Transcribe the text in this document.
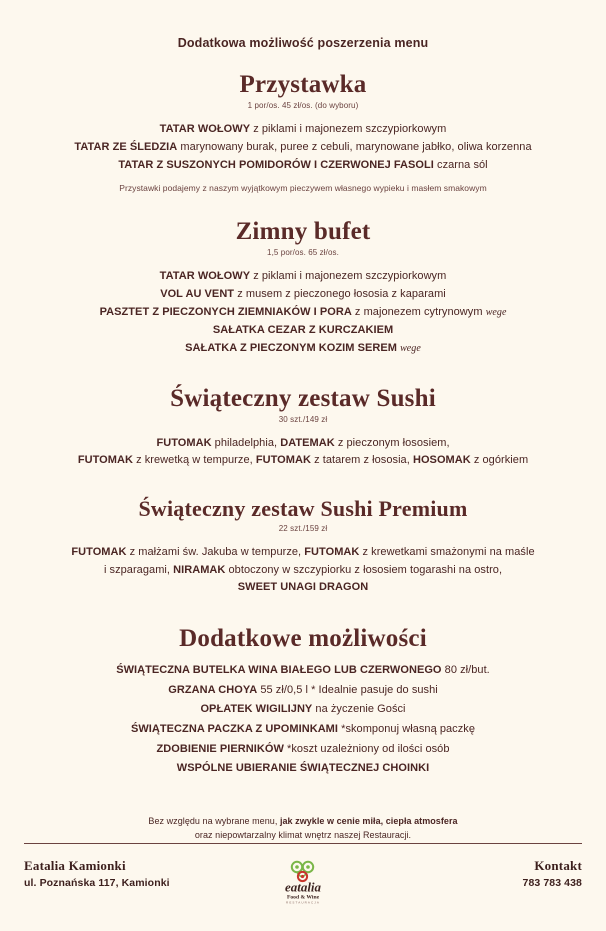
Dodatkowa możliwość poszerzenia menu
Przystawka
1 por/os. 45 zł/os. (do wyboru)
TATAR WOŁOWY z piklami i majonezem szczypiorkowym
TATAR ZE ŚLEDZIA marynowany burak, puree z cebuli, marynowane jabłko, oliwa korzenna
TATAR Z SUSZONYCH POMIDORÓW I CZERWONEJ FASOLI czarna sól
Przystawki podajemy z naszym wyjątkowym pieczywem własnego wypieku i masłem smakowym
Zimny bufet
1,5 por/os. 65 zł/os.
TATAR WOŁOWY z piklami i majonezem szczypiorkowym
VOL AU VENT z musem z pieczonego łososia z kaparami
PASZTET Z PIECZONYCH ZIEMNIAKÓW I PORA z majonezem cytrynowym wege
SAŁATKA CEZAR Z KURCZAKIEM
SAŁATKA Z PIECZONYM KOZIM SEREM wege
Świąteczny zestaw Sushi
30 szt./149 zł
FUTOMAK philadelphia, DATEMAK z pieczonym łososiem,
FUTOMAK z krewetką w tempurze, FUTOMAK z tatarem z łososia, HOSOMAK z ogórkiem
Świąteczny zestaw Sushi Premium
22 szt./159 zł
FUTOMAK z małżami św. Jakuba w tempurze, FUTOMAK z krewetkami smażonymi na maśle
i szparagami, NIRAMAK obtoczony w szczypiorku z łososiem togarashi na ostro,
SWEET UNAGI DRAGON
Dodatkowe możliwości
ŚWIĄTECZNA BUTELKA WINA BIAŁEGO LUB CZERWONEGO 80 zł/but.
GRZANA CHOYA 55 zł/0,5 l * Idealnie pasuje do sushi
OPŁATEK WIGILIJNY na życzenie Gości
ŚWIĄTECZNA PACZKA Z UPOMINKAMI *skomponuj własną paczkę
ZDOBIENIE PIERNIKÓW *koszt uzależniony od ilości osób
WSPÓLNE UBIERANIE ŚWIĄTECZNEJ CHOINKI
Bez względu na wybrane menu, jak zwykle w cenie miła, ciepła atmosfera
oraz niepowtarzalny klimat wnętrz naszej Restauracji.
Eatalia Kamionki
ul. Poznańska 117, Kamionki	eatalia
Food & Wine
RESTAURACJA
Kontakt
783 783 438
